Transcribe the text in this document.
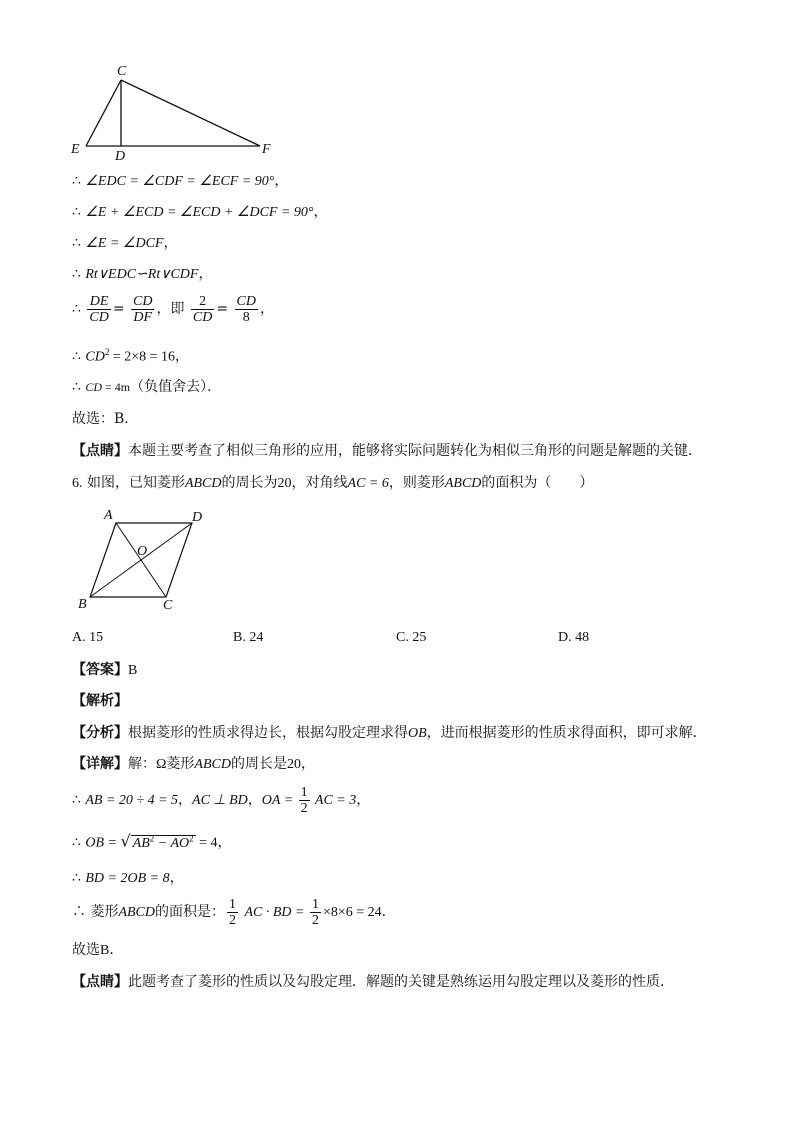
C
E	D	F
∴ ∠EDC = ∠CDF = ∠ECF = 90°，
∴ ∠E + ∠ECD = ∠ECD + ∠DCF = 90°，
∴ ∠E = ∠DCF，
∴ Rt∨EDC∽Rt∨CDF，
∴ $\frac{DE}{CD} = \frac{CD}{DF}$ ，即 $\frac{2}{CD} = \frac{CD}{8}$ ，
∴ $CD^2 = 2\times 8 = 16$，
∴ CD = 4m（负值舍去）．
故选：B．
【点睛】本题主要考查了相似三角形的应用，能够将实际问题转化为相似三角形的问题是解题的关键．
6. 如图，已知菱形ABCD的周长为20，对角线AC = 6，则菱形ABCD的面积为（　　）
A	D
O
B	C
A. 15	B. 24	C. 25	D. 48
【答案】B
【解析】
【分析】根据菱形的性质求得边长，根据勾股定理求得OB，进而根据菱形的性质求得面积，即可求解．
【详解】解：Ω菱形ABCD的周长是20，
∴ AB = 20 ÷ 4 = 5，AC ⊥ BD，OA = $\frac{1}{2}$ AC = 3，
∴ OB = √ $AB^2 - AO^2 = 4$，
∴ BD = 2OB = 8，
∴ 菱形ABCD的面积是： $\frac{1}{2}$ AC · BD = $\frac{1}{2} \times 8\times 6 = 24$．
故选B．
【点睛】此题考查了菱形的性质以及勾股定理．解题的关键是熟练运用勾股定理以及菱形的性质．
